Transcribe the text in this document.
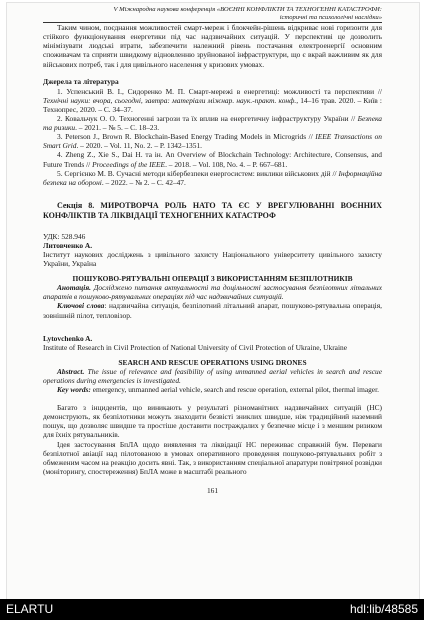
V Міжнародна наукова конференція «ВОЄННІ КОНФЛІКТИ ТА ТЕХНОГЕННІ КАТАСТРОФИ:
історичні та психологічні наслідки»

Таким чином, поєднання можливостей смарт-мереж і блокчейн-рішень відкриває нові горизонти для стійкого функціонування енергетики під час надзвичайних ситуацій. У перспективі це дозволить мінімізувати людські втрати, забезпечити належний рівень постачання електроенергії основним споживачам та сприяти швидкому відновленню зруйнованої інфраструктури, що є вкрай важливим як для військових потреб, так і для цивільного населення у кризових умовах.

Джерела та література

1. Успенський В. І., Сидоренко М. П. Смарт-мережі в енергетиці: можливості та перспективи // Технічні науки: вчора, сьогодні, завтра: матеріали міжнар. наук.-практ. конф., 14–16 трав. 2020. – Київ : Технопрес, 2020. – С. 34–37.

2. Ковальчук О. О. Техногенні загрози та їх вплив на енергетичну інфраструктуру України // Безпека та ризики. – 2021. – № 5. – С. 18–23.

3. Peterson J., Brown R. Blockchain-Based Energy Trading Models in Microgrids // IEEE Transactions on Smart Grid. – 2020. – Vol. 11, No. 2. – P. 1342–1351.

4. Zheng Z., Xie S., Dai H. та ін. An Overview of Blockchain Technology: Architecture, Consensus, and Future Trends // Proceedings of the IEEE. – 2018. – Vol. 108, No. 4. – P. 667–681.

5. Сергієнко М. В. Сучасні методи кібербезпеки енергосистем: виклики військових дій // Інформаційна безпека на обороні. – 2022. – № 2. – С. 42–47.

Секція 8. МИРОТВОРЧА РОЛЬ НАТО ТА ЄС У ВРЕГУЛЮВАННІ ВОЄННИХ КОНФЛІКТІВ ТА ЛІКВІДАЦІЇ ТЕХНОГЕННИХ КАТАСТРОФ
УДК: 528.946
Литовченко А.

Інститут наукових досліджень з цивільного захисту Національного університету цивільного захисту України, Україна

ПОШУКОВО-РЯТУВАЛЬНІ ОПЕРАЦІЇ З ВИКОРИСТАННЯМ БЕЗПІЛОТНИКІВ

Анотація. Досліджено питання актуальності та доцільності застосування безпілотних літальних апаратів в пошуково-рятувальних операціях під час надзвичайних ситуацій.

Ключові слова: надзвичайна ситуація, безпілотний літальний апарат, пошуково-рятувальна операція, зовнішній пілот, тепловізор.

Lytovchenko A.

Institute of Research in Civil Protection of National University of Civil Protection of Ukraine, Ukraine

SEARCH AND RESCUE OPERATIONS USING DRONES

Abstract. The issue of relevance and feasibility of using unmanned aerial vehicles in search and rescue operations during emergencies is investigated.

Key words: emergency, unmanned aerial vehicle, search and rescue operation, external pilot, thermal imager.

Багато з інцидентів, що виникають у результаті різноманітних надзвичайних ситуацій (НС) демонструють, як безпілотники можуть знаходити безвісті зниклих швидше, ніж традиційний наземний пошук, що дозволяє швидше та простіше доставити постраждалих у безпечне місце і з меншим ризиком для їхніх рятувальників.

Ідея застосування БпЛА щодо виявлення та ліквідації НС переживає справжній бум. Переваги безпілотної авіації над пілотованою в умовах оперативного проведення пошуково-рятувальних робіт з обмеженим часом на реакцію досить явні. Так, з використанням спеціальної апаратури повітряної розвідки (моніторингу, спостереження) БпЛА може в масштабі реального

161
ELARTU	hdl:lib/48585
